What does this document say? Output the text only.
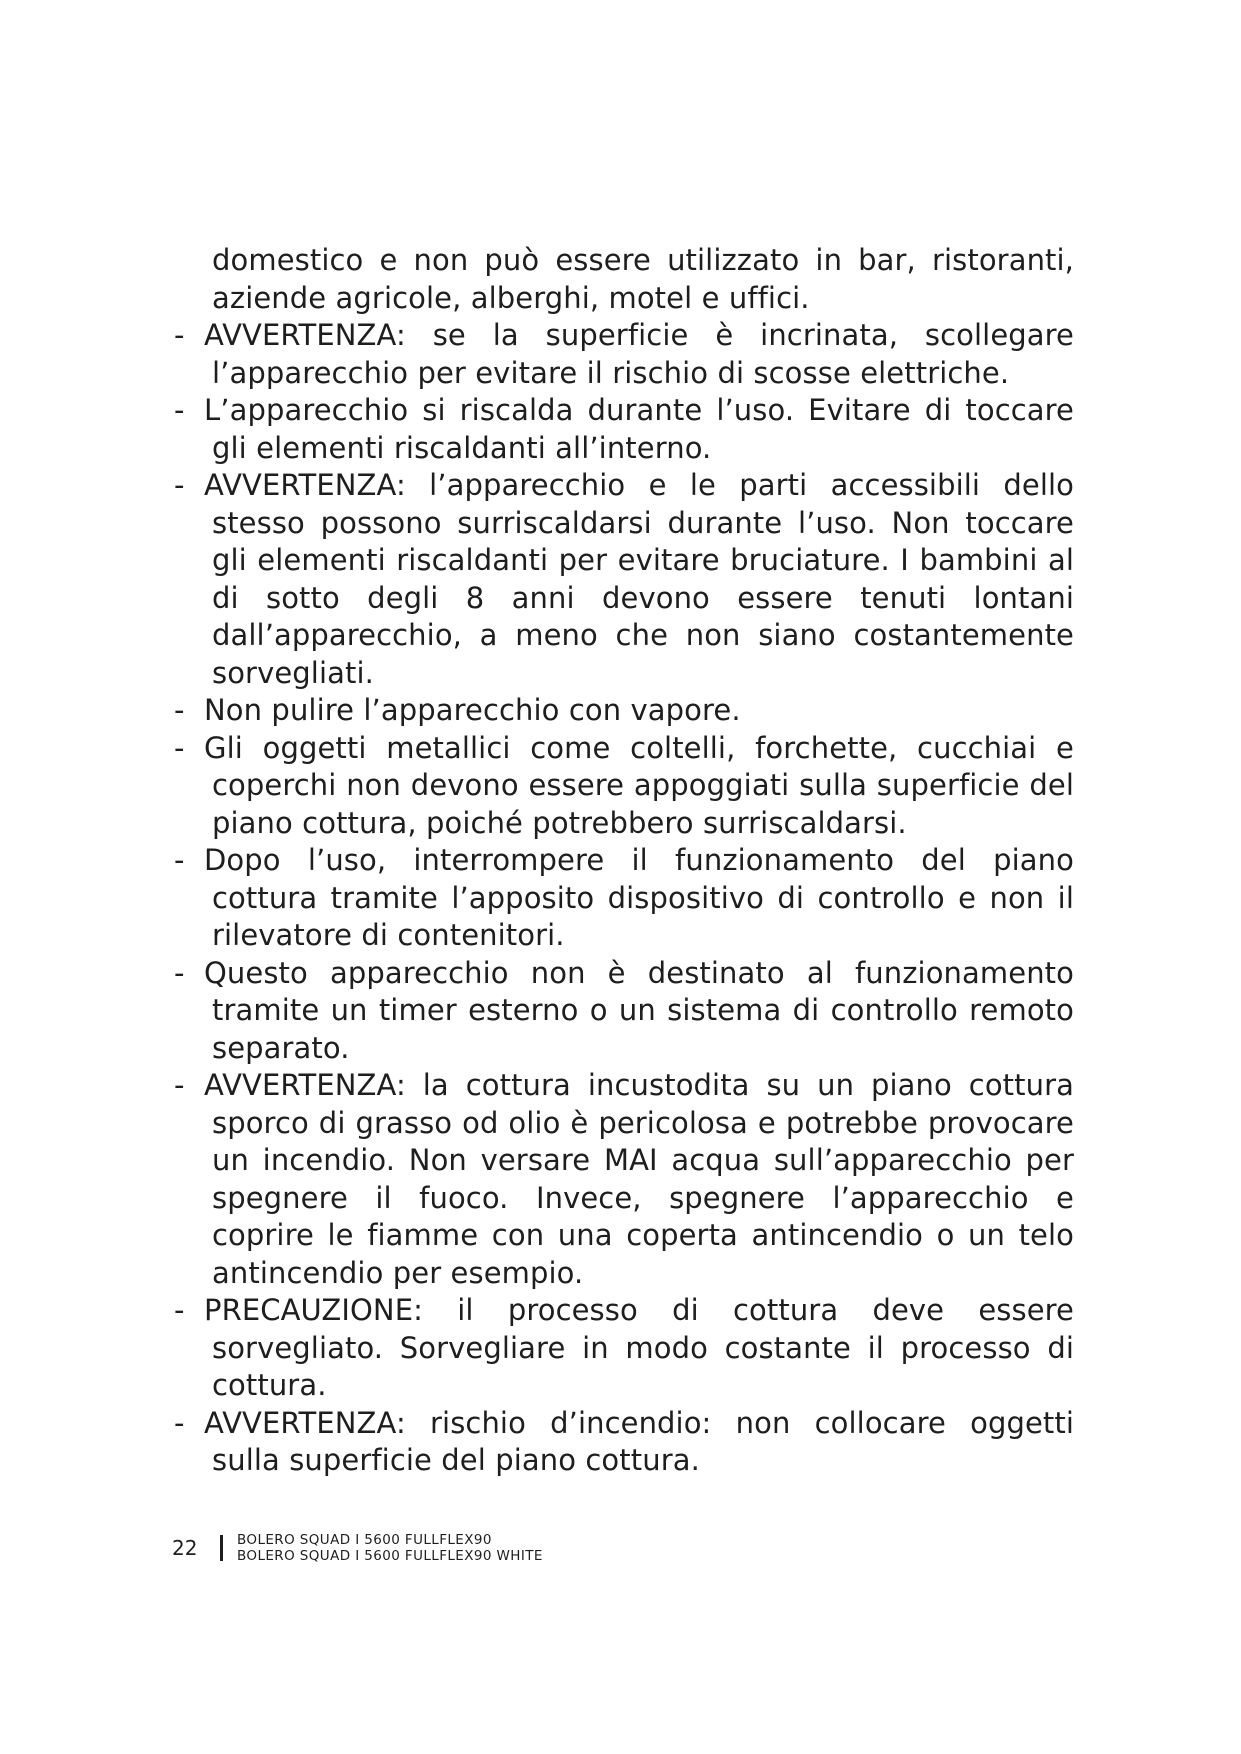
domestico e non può essere utilizzato in bar, ristoranti, aziende agricole, alberghi, motel e uffici.
- AVVERTENZA: se la superficie è incrinata, scollegare l’apparecchio per evitare il rischio di scosse elettriche.
- L’apparecchio si riscalda durante l’uso. Evitare di toccare gli elementi riscaldanti all’interno.
- AVVERTENZA: l’apparecchio e le parti accessibili dello stesso possono surriscaldarsi durante l’uso. Non toccare gli elementi riscaldanti per evitare bruciature. I bambini al di sotto degli 8 anni devono essere tenuti lontani dall’apparecchio, a meno che non siano costantemente sorvegliati.
- Non pulire l’apparecchio con vapore.
- Gli oggetti metallici come coltelli, forchette, cucchiai e coperchi non devono essere appoggiati sulla superficie del piano cottura, poiché potrebbero surriscaldarsi.
- Dopo l’uso, interrompere il funzionamento del piano cottura tramite l’apposito dispositivo di controllo e non il rilevatore di contenitori.
- Questo apparecchio non è destinato al funzionamento tramite un timer esterno o un sistema di controllo remoto separato.
- AVVERTENZA: la cottura incustodita su un piano cottura sporco di grasso od olio è pericolosa e potrebbe provocare un incendio. Non versare MAI acqua sull’apparecchio per spegnere il fuoco. Invece, spegnere l’apparecchio e coprire le fiamme con una coperta antincendio o un telo antincendio per esempio.
- PRECAUZIONE: il processo di cottura deve essere sorvegliato. Sorvegliare in modo costante il processo di cottura.
- AVVERTENZA: rischio d’incendio: non collocare oggetti sulla superficie del piano cottura.
22	BOLERO SQUAD I 5600 FULLFLEX90
BOLERO SQUAD I 5600 FULLFLEX90 WHITE
